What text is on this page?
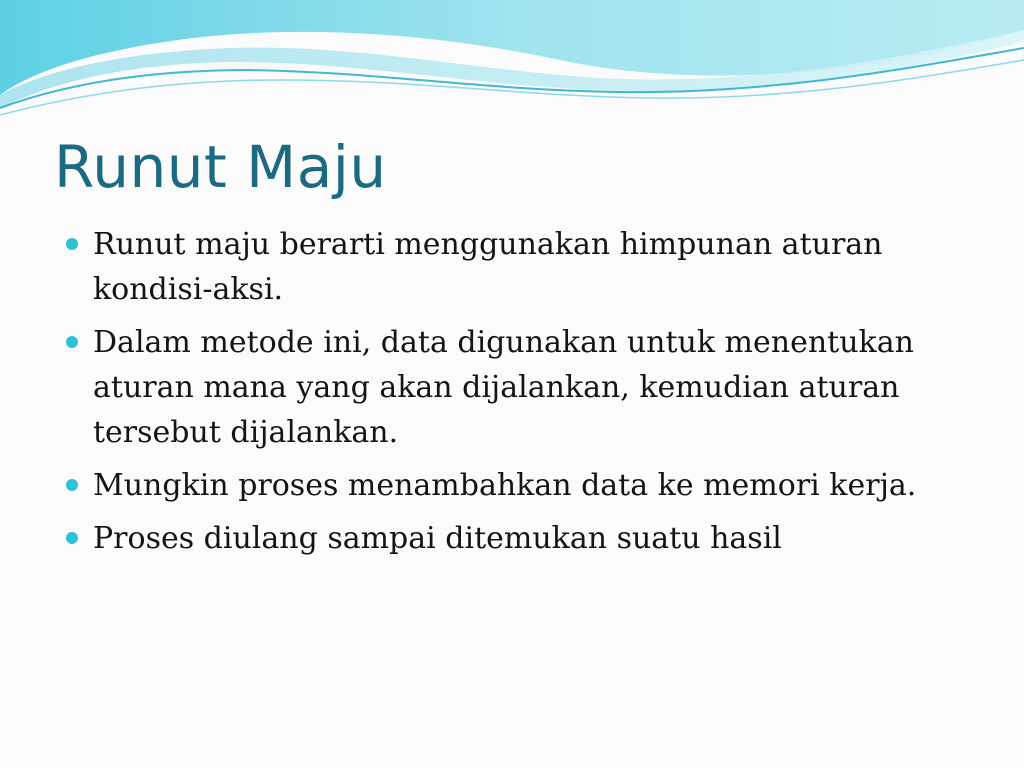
Runut Maju
Runut maju berarti menggunakan himpunan aturan kondisi-aksi.
Dalam metode ini, data digunakan untuk menentukan aturan mana yang akan dijalankan, kemudian aturan tersebut dijalankan.
Mungkin proses menambahkan data ke memori kerja.
Proses diulang sampai ditemukan suatu hasil
